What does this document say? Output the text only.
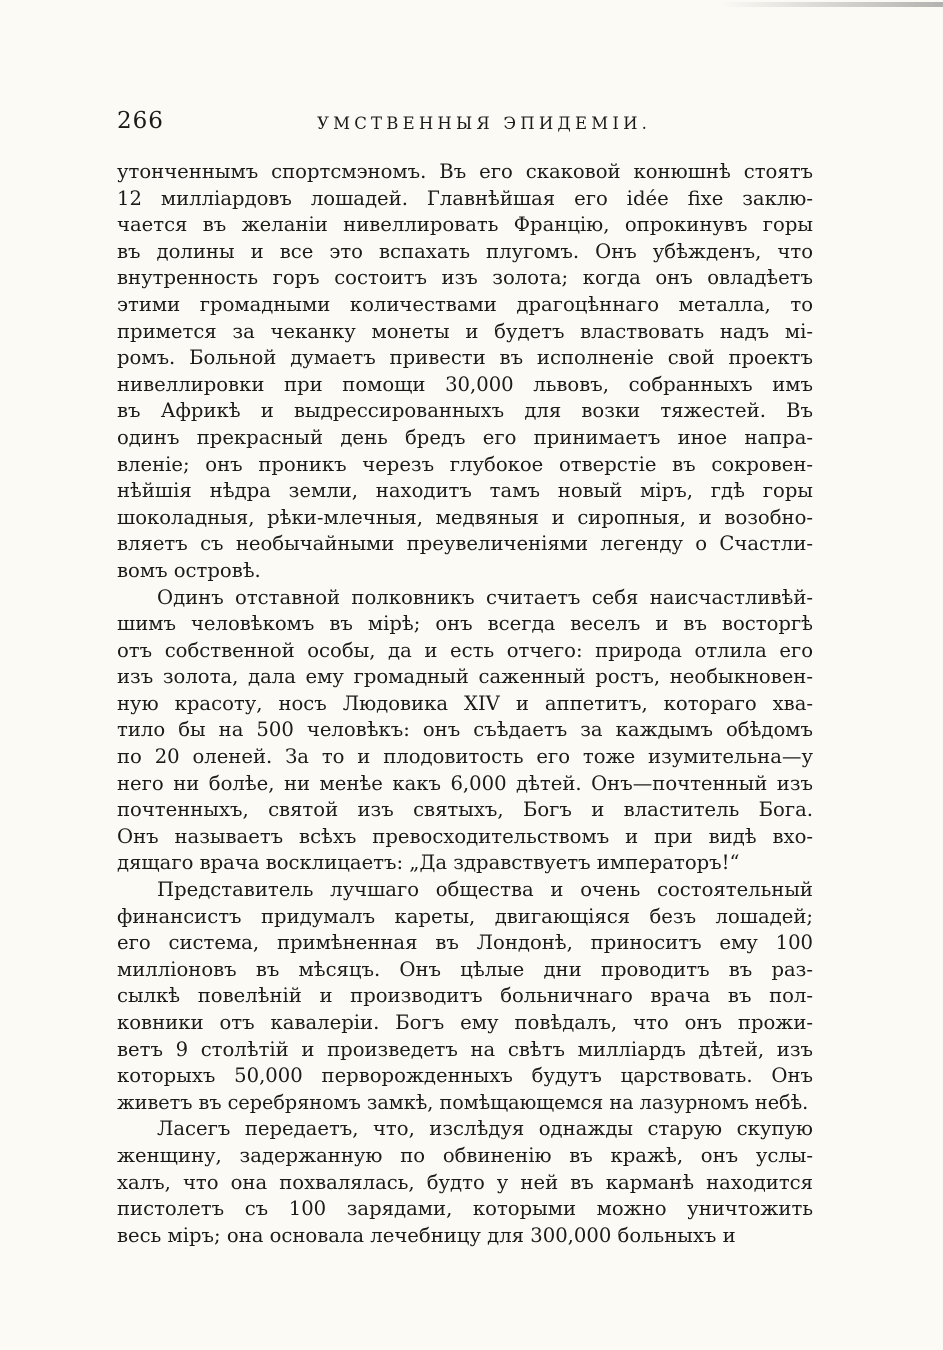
266	УМСТВЕННЫЯ ЭПИДЕМІИ.
утонченнымъ спортсмэномъ. Въ его скаковой конюшнѣ стоятъ
12 милліардовъ лошадей. Главнѣйшая его idée fixe заклю-
чается въ желаніи нивеллировать Францію, опрокинувъ горы
въ долины и все это вспахать плугомъ. Онъ убѣжденъ, что
внутренность горъ состоитъ изъ золота; когда онъ овладѣетъ
этими громадными количествами драгоцѣннаго металла, то
примется за чеканку монеты и будетъ властвовать надъ мі-
ромъ. Больной думаетъ привести въ исполненіе свой проектъ
нивеллировки при помощи 30,000 львовъ, собранныхъ имъ
въ Африкѣ и выдрессированныхъ для возки тяжестей. Въ
одинъ прекрасный день бредъ его принимаетъ иное напра-
вленіе; онъ проникъ черезъ глубокое отверстіе въ сокровен-
нѣйшія нѣдра земли, находитъ тамъ новый міръ, гдѣ горы
шоколадныя, рѣки-млечныя, медвяныя и сиропныя, и возобно-
вляетъ съ необычайными преувеличеніями легенду о Счастли-
вомъ островѣ.
Одинъ отставной полковникъ считаетъ себя наисчастливѣй-
шимъ человѣкомъ въ мірѣ; онъ всегда веселъ и въ восторгѣ
отъ собственной особы, да и есть отчего: природа отлила его
изъ золота, дала ему громадный саженный ростъ, необыкновен-
ную красоту, носъ Людовика XIV и аппетитъ, котораго хва-
тило бы на 500 человѣкъ: онъ съѣдаетъ за каждымъ обѣдомъ
по 20 оленей. За то и плодовитость его тоже изумительна—у
него ни болѣе, ни менѣе какъ 6,000 дѣтей. Онъ—почтенный изъ
почтенныхъ, святой изъ святыхъ, Богъ и властитель Бога.
Онъ называетъ всѣхъ превосходительствомъ и при видѣ вхо-
дящаго врача восклицаетъ: „Да здравствуетъ императоръ!“
Представитель лучшаго общества и очень состоятельный
финансистъ придумалъ кареты, двигающіяся безъ лошадей;
его система, примѣненная въ Лондонѣ, приноситъ ему 100
милліоновъ въ мѣсяцъ. Онъ цѣлые дни проводитъ въ раз-
сылкѣ повелѣній и производитъ больничнаго врача въ пол-
ковники отъ кавалеріи. Богъ ему повѣдалъ, что онъ прожи-
ветъ 9 столѣтій и произведетъ на свѣтъ милліардъ дѣтей, изъ
которыхъ 50,000 перворожденныхъ будутъ царствовать. Онъ
живетъ въ серебряномъ замкѣ, помѣщающемся на лазурномъ небѣ.
Ласегъ передаетъ, что, изслѣдуя однажды старую скупую
женщину, задержанную по обвиненію въ кражѣ, онъ услы-
халъ, что она похвалялась, будто у ней въ карманѣ находится
пистолетъ съ 100 зарядами, которыми можно уничтожить
весь міръ; она основала лечебницу для 300,000 больныхъ и
